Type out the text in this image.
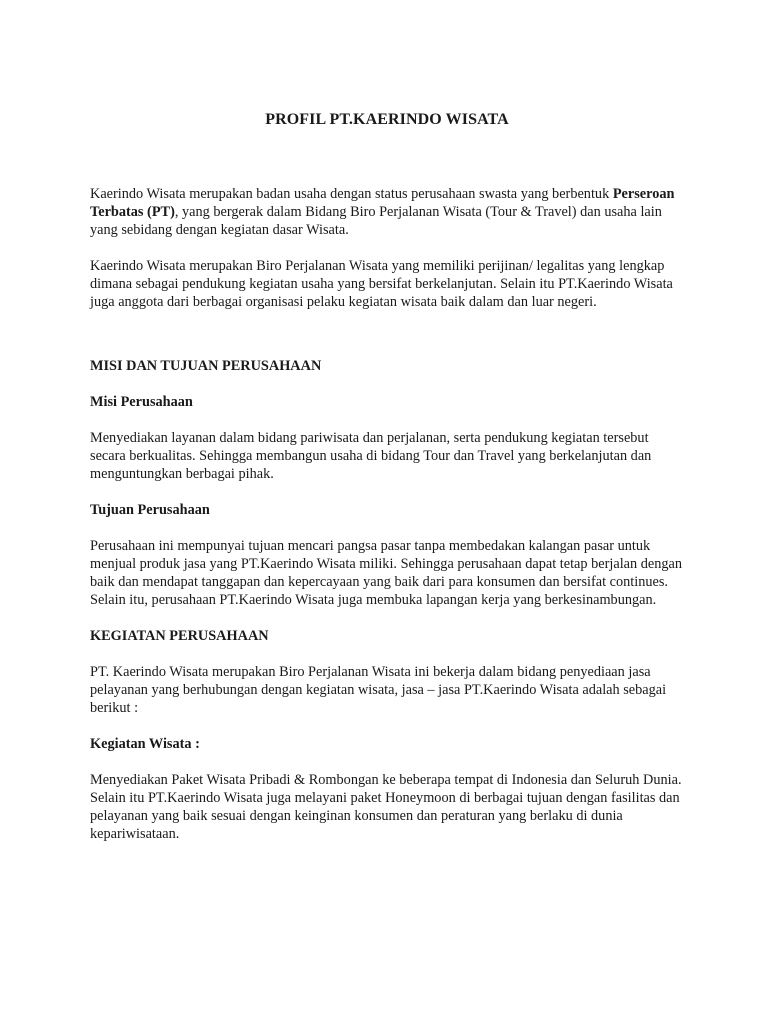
PROFIL PT.KAERINDO WISATA

Kaerindo Wisata merupakan badan usaha dengan status perusahaan swasta yang berbentuk Perseroan Terbatas (PT), yang bergerak dalam Bidang Biro Perjalanan Wisata (Tour & Travel) dan usaha lain yang sebidang dengan kegiatan dasar Wisata.

Kaerindo Wisata merupakan Biro Perjalanan Wisata yang memiliki perijinan/ legalitas yang lengkap dimana sebagai pendukung kegiatan usaha yang bersifat berkelanjutan. Selain itu PT.Kaerindo Wisata juga anggota dari berbagai organisasi pelaku kegiatan wisata baik dalam dan luar negeri.

MISI DAN TUJUAN PERUSAHAAN

Misi Perusahaan

Menyediakan layanan dalam bidang pariwisata dan perjalanan, serta pendukung kegiatan tersebut secara berkualitas. Sehingga membangun usaha di bidang Tour dan Travel yang berkelanjutan dan menguntungkan berbagai pihak.

Tujuan Perusahaan

Perusahaan ini mempunyai tujuan mencari pangsa pasar tanpa membedakan kalangan pasar untuk menjual produk jasa yang PT.Kaerindo Wisata miliki. Sehingga perusahaan dapat tetap berjalan dengan baik dan mendapat tanggapan dan kepercayaan yang baik dari para konsumen dan bersifat continues. Selain itu, perusahaan PT.Kaerindo Wisata juga membuka lapangan kerja yang berkesinambungan.

KEGIATAN PERUSAHAAN

PT. Kaerindo Wisata merupakan Biro Perjalanan Wisata ini bekerja dalam bidang penyediaan jasa pelayanan yang berhubungan dengan kegiatan wisata, jasa – jasa PT.Kaerindo Wisata adalah sebagai berikut :

Kegiatan Wisata :

Menyediakan Paket Wisata Pribadi & Rombongan ke beberapa tempat di Indonesia dan Seluruh Dunia. Selain itu PT.Kaerindo Wisata juga melayani paket Honeymoon di berbagai tujuan dengan fasilitas dan pelayanan yang baik sesuai dengan keinginan konsumen dan peraturan yang berlaku di dunia kepariwisataan.
